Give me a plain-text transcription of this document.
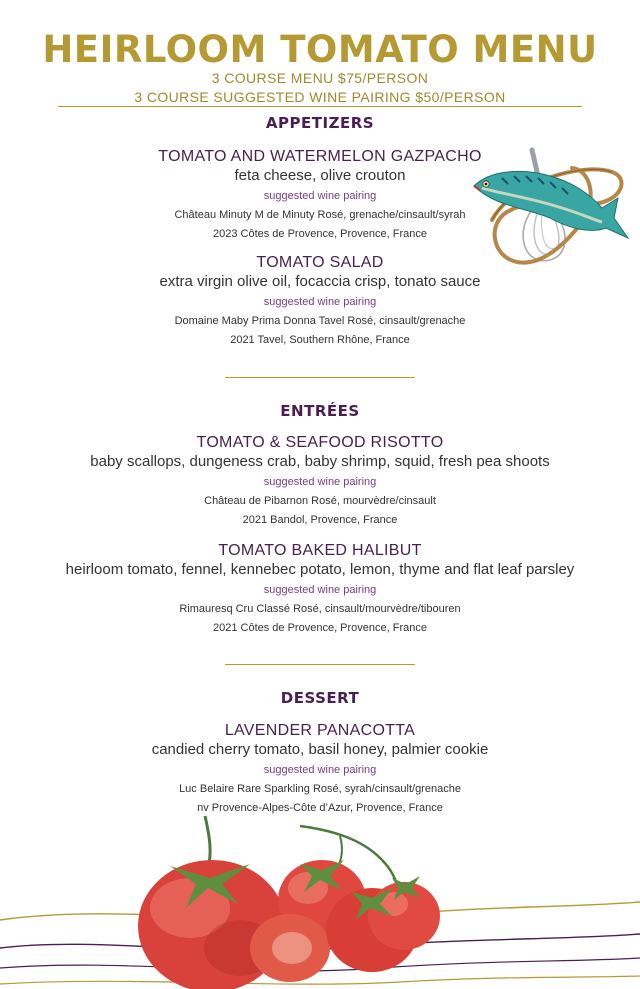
HEIRLOOM TOMATO MENU
3 COURSE MENU $75/PERSON
3 COURSE SUGGESTED WINE PAIRING $50/PERSON
APPETIZERS
TOMATO AND WATERMELON GAZPACHO
feta cheese, olive crouton
suggested wine pairing
Château Minuty M de Minuty Rosé, grenache/cinsault/syrah
2023 Côtes de Provence, Provence, France
TOMATO SALAD
extra virgin olive oil, focaccia crisp, tonato sauce
suggested wine pairing
Domaine Maby Prima Donna Tavel Rosé, cinsault/grenache
2021 Tavel, Southern Rhône, France
ENTRÉES
TOMATO & SEAFOOD RISOTTO
baby scallops, dungeness crab, baby shrimp, squid, fresh pea shoots
suggested wine pairing
Château de Pibarnon Rosé, mourvèdre/cinsault
2021 Bandol, Provence, France
TOMATO BAKED HALIBUT
heirloom tomato, fennel, kennebec potato, lemon, thyme and flat leaf parsley
suggested wine pairing
Rimauresq Cru Classé Rosé, cinsault/mourvèdre/tibouren
2021 Côtes de Provence, Provence, France
DESSERT
LAVENDER PANACOTTA
candied cherry tomato, basil honey, palmier cookie
suggested wine pairing
Luc Belaire Rare Sparkling Rosé, syrah/cinsault/grenache
nv Provence-Alpes-Côte d’Azur, Provence, France
